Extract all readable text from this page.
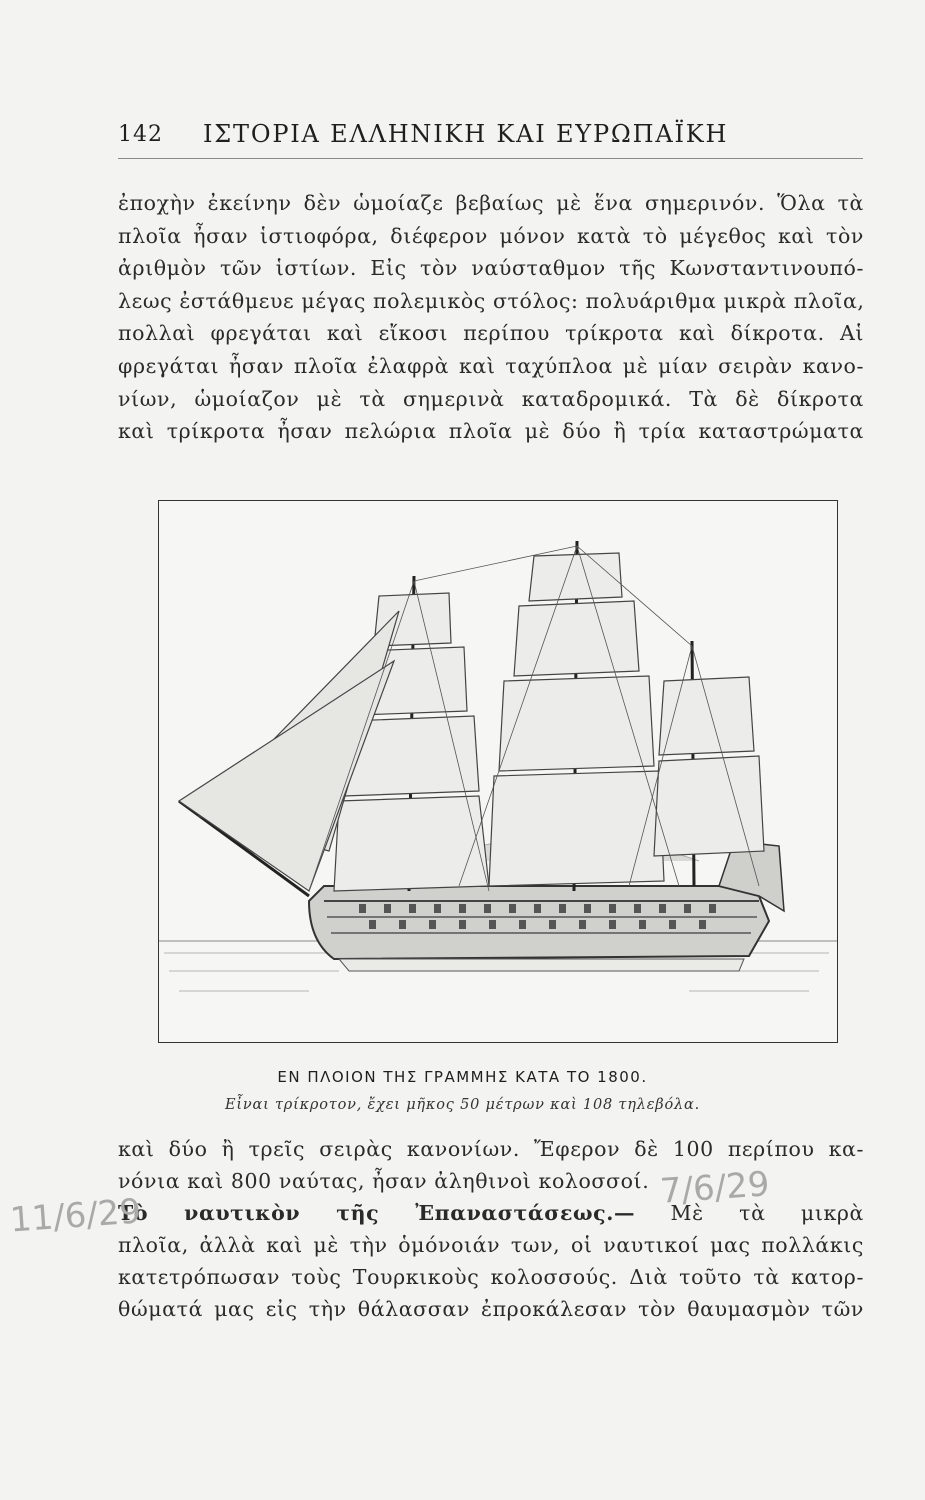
142 ΙΣΤΟΡΙΑ ΕΛΛΗΝΙΚΗ ΚΑΙ ΕΥΡΩΠΑΪΚΗ
ἐποχὴν ἐκείνην δὲν ὡμοίαζε βεβαίως μὲ ἕνα σημερινόν. Ὅλα τὰ
πλοῖα ἦσαν ἱστιοφόρα, διέφερον μόνον κατὰ τὸ μέγεθος καὶ τὸν
ἀριθμὸν τῶν ἱστίων. Εἰς τὸν ναύσταθμον τῆς Κωνσταντινουπό-
λεως ἐστάθμευε μέγας πολεμικὸς στόλος: πολυάριθμα μικρὰ πλοῖα,
πολλαὶ φρεγάται καὶ εἴκοσι περίπου τρίκροτα καὶ δίκροτα. Αἱ
φρεγάται ἦσαν πλοῖα ἐλαφρὰ καὶ ταχύπλοα μὲ μίαν σειρὰν κανο-
νίων, ὡμοίαζον μὲ τὰ σημερινὰ καταδρομικά. Τὰ δὲ δίκροτα
καὶ τρίκροτα ἦσαν πελώρια πλοῖα μὲ δύο ἢ τρία καταστρώματα
ΕΝ ΠΛΟΙΟΝ ΤΗΣ ΓΡΑΜΜΗΣ ΚΑΤΑ ΤΟ 1800.
Εἶναι τρίκροτον, ἔχει μῆκος 50 μέτρων καὶ 108 τηλεβόλα.
καὶ δύο ἢ τρεῖς σειρὰς κανονίων. Ἔφερον δὲ 100 περίπου κα-
νόνια καὶ 800 ναύτας, ἦσαν ἀληθινοὶ κολοσσοί.
Τὸ ναυτικὸν τῆς Ἐπαναστάσεως.— Μὲ τὰ μικρὰ
πλοῖα, ἀλλὰ καὶ μὲ τὴν ὁμόνοιάν των, οἱ ναυτικοί μας πολλάκις
κατετρόπωσαν τοὺς Τουρκικοὺς κολοσσούς. Διὰ τοῦτο τὰ κατορ-
θώματά μας εἰς τὴν θάλασσαν ἐπροκάλεσαν τὸν θαυμασμὸν τῶν
11/6/29
7/6/29
